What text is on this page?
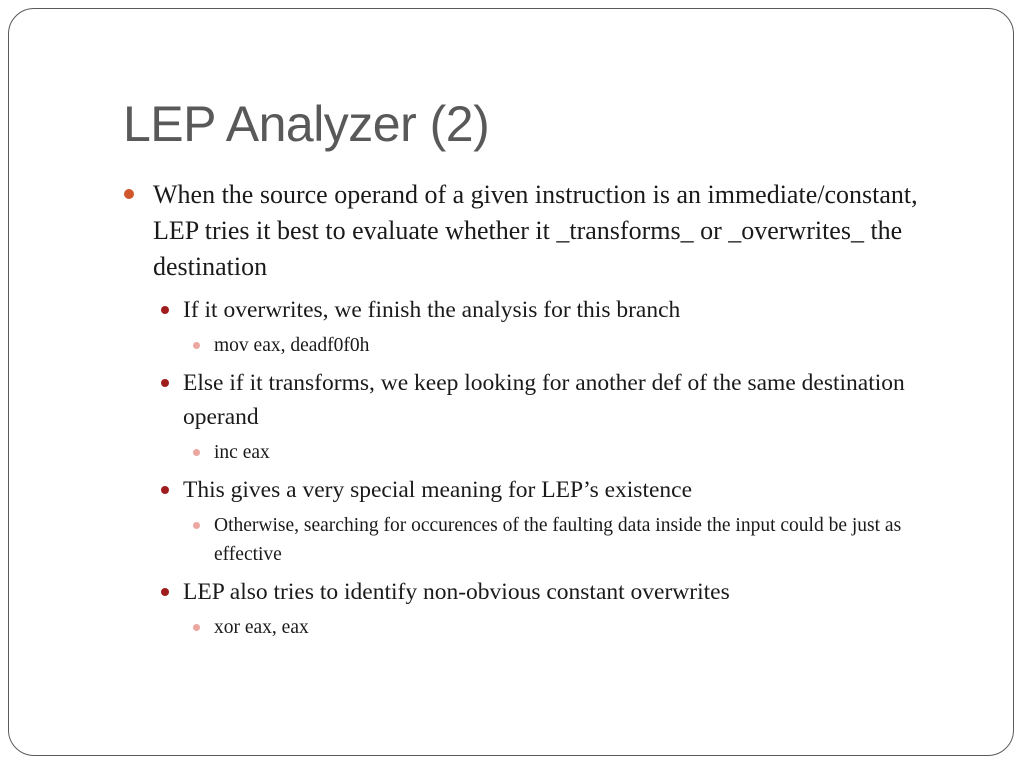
LEP Analyzer (2)
When the source operand of a given instruction is an immediate/constant, LEP tries it best to evaluate whether it _transforms_ or _overwrites_ the destination
If it overwrites, we finish the analysis for this branch
mov eax, deadf0f0h
Else if it transforms, we keep looking for another def of the same destination operand
inc eax
This gives a very special meaning for LEP’s existence
Otherwise, searching for occurences of the faulting data inside the input could be just as effective
LEP also tries to identify non-obvious constant overwrites
xor eax, eax
